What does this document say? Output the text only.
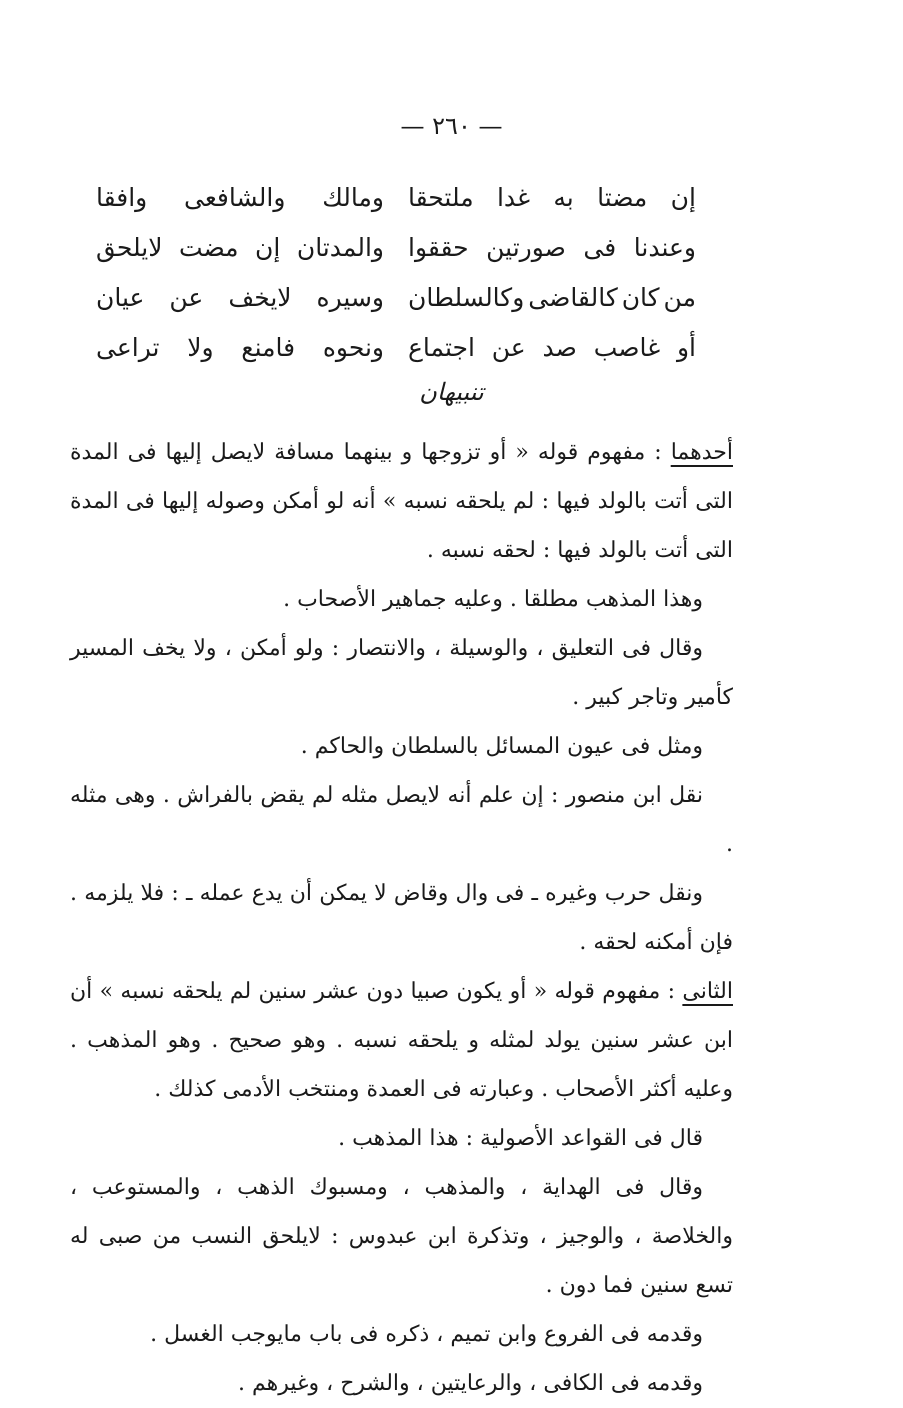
— ٢٦٠ —
إن
مضتا
به
غدا
ملتحقا
ومالك
والشافعى
وافقا
وعندنا
فى
صورتين
حققوا
والمدتان
إن
مضت
لايلحق
من
كان
كالقاضى
وكالسلطان
وسيره
لايخف
عن
عيان
أو
غاصب
صد
عن
اجتماع
ونحوه
فامنع
ولا
تراعى
تنبيهان

أحدهما : مفهوم قوله « أو تزوجها و بينهما مسافة لايصل إليها فى المدة التى أتت بالولد فيها : لم يلحقه نسبه » أنه لو أمكن وصوله إليها فى المدة التى أتت بالولد فيها : لحقه نسبه .

وهذا المذهب مطلقا . وعليه جماهير الأصحاب .

وقال فى التعليق ، والوسيلة ، والانتصار : ولو أمكن ، ولا يخف المسير كأمير وتاجر كبير .

ومثل فى عيون المسائل بالسلطان والحاكم .

نقل ابن منصور : إن علم أنه لايصل مثله لم يقض بالفراش . وهى مثله .

ونقل حرب وغيره ـ فى وال وقاض لا يمكن أن يدع عمله ـ : فلا يلزمه . فإن أمكنه لحقه .

الثانى : مفهوم قوله « أو يكون صبيا دون عشر سنين لم يلحقه نسبه » أن ابن عشر سنين يولد لمثله و يلحقه نسبه . وهو صحيح . وهو المذهب . وعليه أكثر الأصحاب . وعبارته فى العمدة ومنتخب الأدمى كذلك .

قال فى القواعد الأصولية : هذا المذهب .

وقال فى الهداية ، والمذهب ، ومسبوك الذهب ، والمستوعب ، والخلاصة ، والوجيز ، وتذكرة ابن عبدوس : لايلحق النسب من صبى له تسع سنين فما دون .

وقدمه فى الفروع وابن تميم ، ذكره فى باب مايوجب الغسل .

وقدمه فى الكافى ، والرعايتين ، والشرح ، وغيرهم .
